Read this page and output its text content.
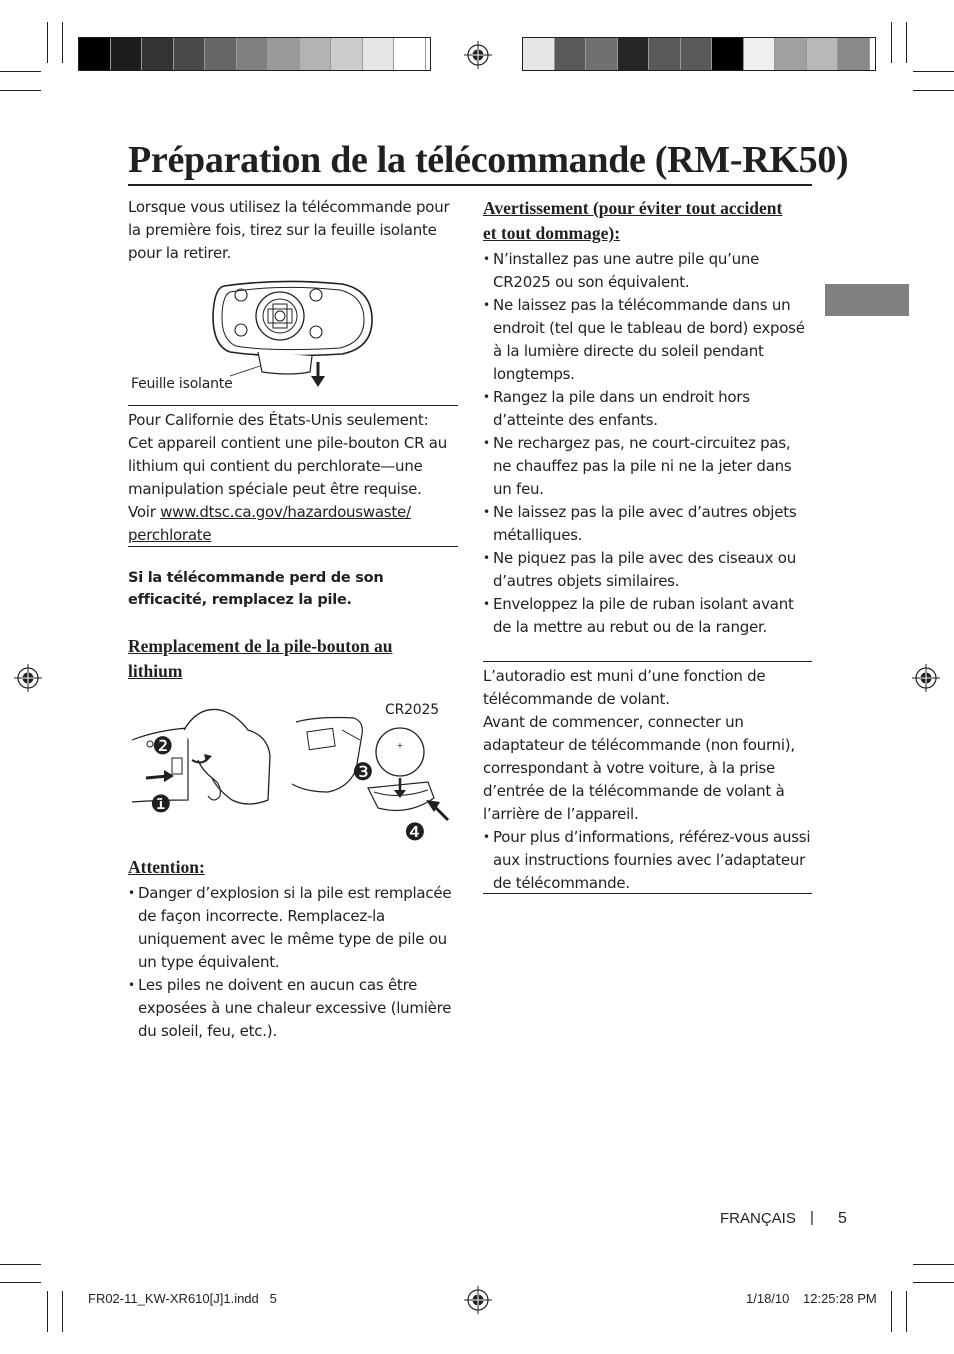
Préparation de la télécommande (RM-RK50)
Lorsque vous utilisez la télécommande pour la première fois, tirez sur la feuille isolante pour la retirer.
Feuille isolante
Pour Californie des États-Unis seulement:
Cet appareil contient une pile-bouton CR au lithium qui contient du perchlorate—une manipulation spéciale peut être requise.
Voir www.dtsc.ca.gov/hazardouswaste/
perchlorate
Si la télécommande perd de son efficacité, remplacez la pile.
Remplacement de la pile-bouton au
lithium
+
CR2025
❶
❷
❸
❹
Attention:
• Danger d’explosion si la pile est remplacée de façon incorrecte. Remplacez-la uniquement avec le même type de pile ou un type équivalent.
• Les piles ne doivent en aucun cas être exposées à une chaleur excessive (lumière du soleil, feu, etc.).
Avertissement (pour éviter tout accident
et tout dommage):
• N’installez pas une autre pile qu’une CR2025 ou son équivalent.
• Ne laissez pas la télécommande dans un endroit (tel que le tableau de bord) exposé à la lumière directe du soleil pendant longtemps.
• Rangez la pile dans un endroit hors d’atteinte des enfants.
• Ne rechargez pas, ne court-circuitez pas, ne chauffez pas la pile ni ne la jeter dans un feu.
• Ne laissez pas la pile avec d’autres objets métalliques.
• Ne piquez pas la pile avec des ciseaux ou d’autres objets similaires.
• Enveloppez la pile de ruban isolant avant de la mettre au rebut ou de la ranger.
L’autoradio est muni d’une fonction de télécommande de volant.
Avant de commencer, connecter un adaptateur de télécommande (non fourni), correspondant à votre voiture, à la prise d’entrée de la télécommande de volant à l’arrière de l’appareil.
• Pour plus d’informations, référez-vous aussi aux instructions fournies avec l’adaptateur de télécommande.
FRANÇAIS | 5
FR02-11_KW-XR610[J]1.indd   5	1/18/10 12:25:28 PM
